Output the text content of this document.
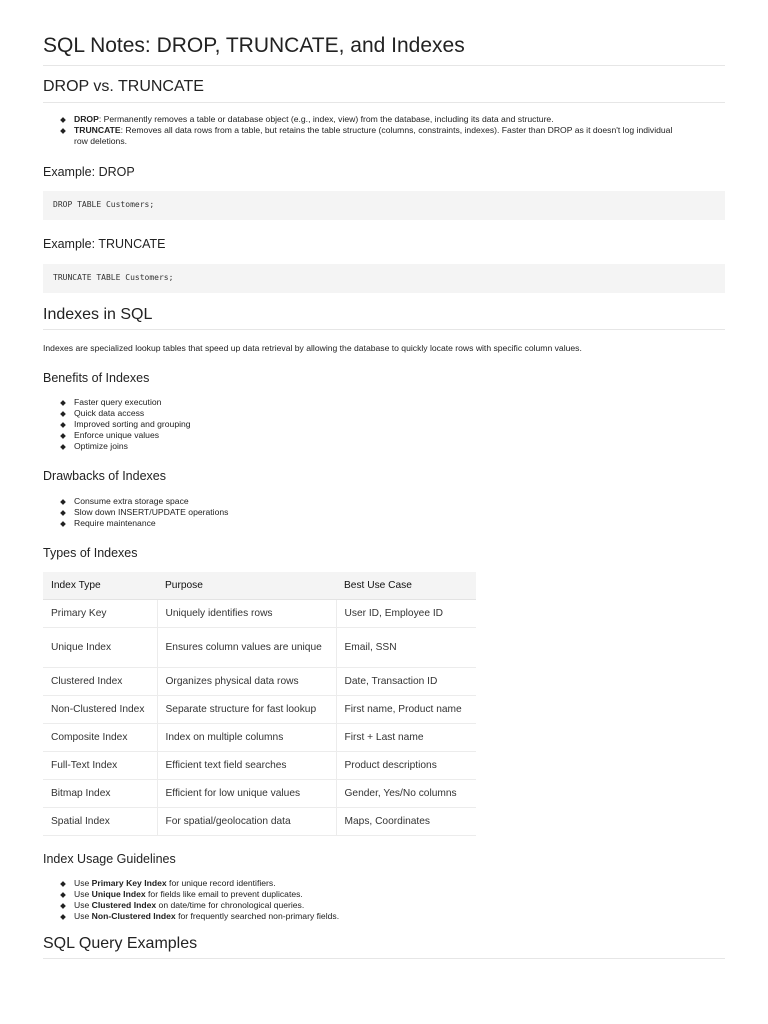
SQL Notes: DROP, TRUNCATE, and Indexes
DROP vs. TRUNCATE
DROP: Permanently removes a table or database object (e.g., index, view) from the database, including its data and structure.
TRUNCATE: Removes all data rows from a table, but retains the table structure (columns, constraints, indexes). Faster than DROP as it doesn't log individual
row deletions.
Example: DROP
DROP TABLE Customers;
Example: TRUNCATE
TRUNCATE TABLE Customers;
Indexes in SQL
Indexes are specialized lookup tables that speed up data retrieval by allowing the database to quickly locate rows with specific column values.
Benefits of Indexes
Faster query execution
Quick data access
Improved sorting and grouping
Enforce unique values
Optimize joins
Drawbacks of Indexes
Consume extra storage space
Slow down INSERT/UPDATE operations
Require maintenance
Types of Indexes
Index Type	Purpose	Best Use Case
Primary Key	Uniquely identifies rows	User ID, Employee ID
Unique Index	Ensures column values are unique	Email, SSN
Clustered Index	Organizes physical data rows	Date, Transaction ID
Non-Clustered Index	Separate structure for fast lookup	First name, Product name
Composite Index	Index on multiple columns	First + Last name
Full-Text Index	Efficient text field searches	Product descriptions
Bitmap Index	Efficient for low unique values	Gender, Yes/No columns
Spatial Index	For spatial/geolocation data	Maps, Coordinates
Index Usage Guidelines
Use Primary Key Index for unique record identifiers.
Use Unique Index for fields like email to prevent duplicates.
Use Clustered Index on date/time for chronological queries.
Use Non-Clustered Index for frequently searched non-primary fields.
SQL Query Examples
